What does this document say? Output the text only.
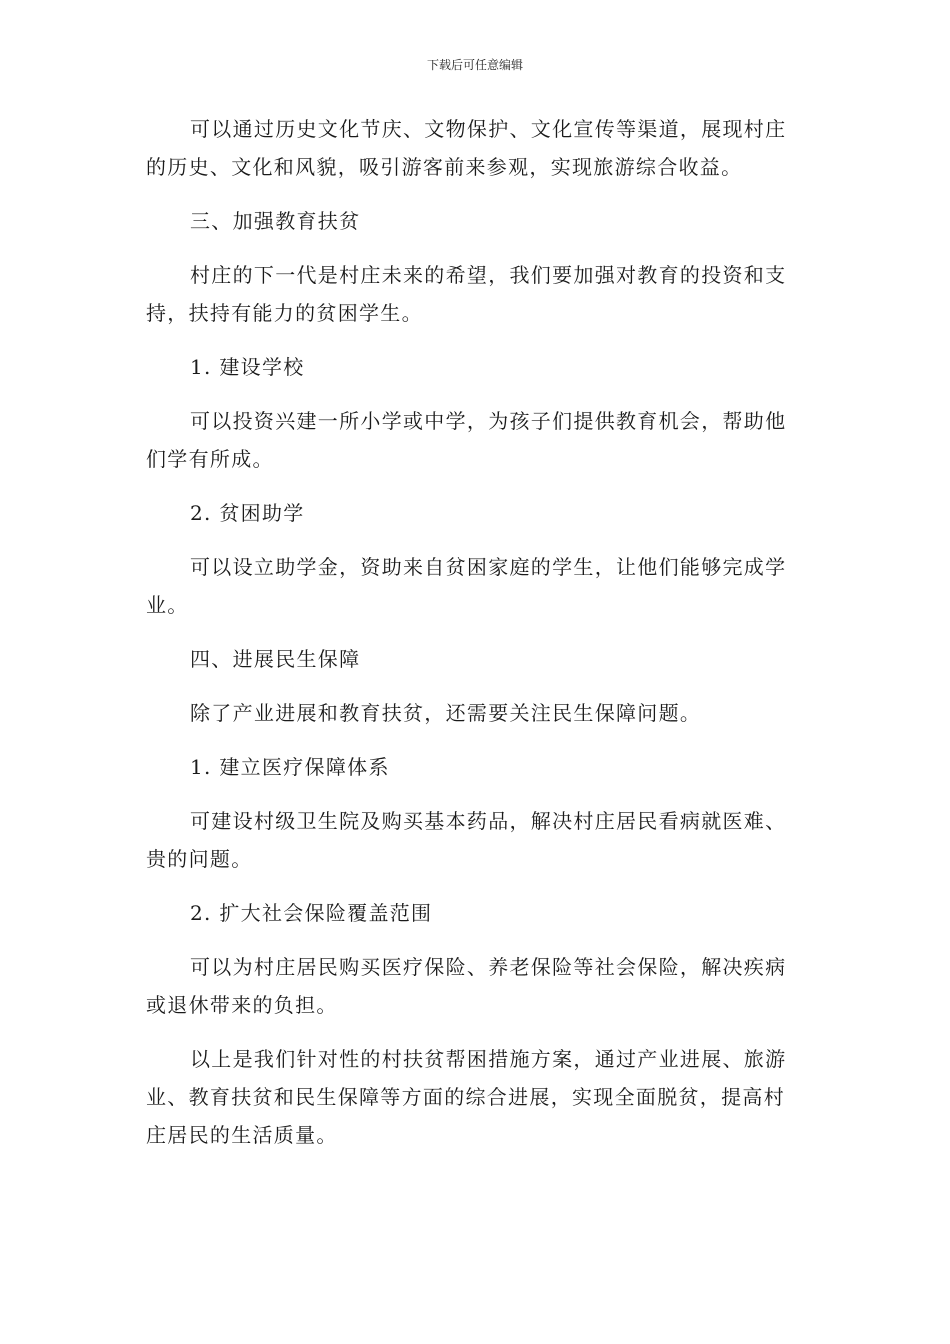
下载后可任意编辑

可以通过历史文化节庆、文物保护、文化宣传等渠道，展现村庄的历史、文化和风貌，吸引游客前来参观，实现旅游综合收益。

三、加强教育扶贫

村庄的下一代是村庄未来的希望，我们要加强对教育的投资和支持，扶持有能力的贫困学生。

1. 建设学校

可以投资兴建一所小学或中学，为孩子们提供教育机会，帮助他们学有所成。

2. 贫困助学

可以设立助学金，资助来自贫困家庭的学生，让他们能够完成学业。

四、进展民生保障

除了产业进展和教育扶贫，还需要关注民生保障问题。

1. 建立医疗保障体系

可建设村级卫生院及购买基本药品，解决村庄居民看病就医难、贵的问题。

2. 扩大社会保险覆盖范围

可以为村庄居民购买医疗保险、养老保险等社会保险，解决疾病或退休带来的负担。

以上是我们针对性的村扶贫帮困措施方案，通过产业进展、旅游业、教育扶贫和民生保障等方面的综合进展，实现全面脱贫，提高村庄居民的生活质量。
